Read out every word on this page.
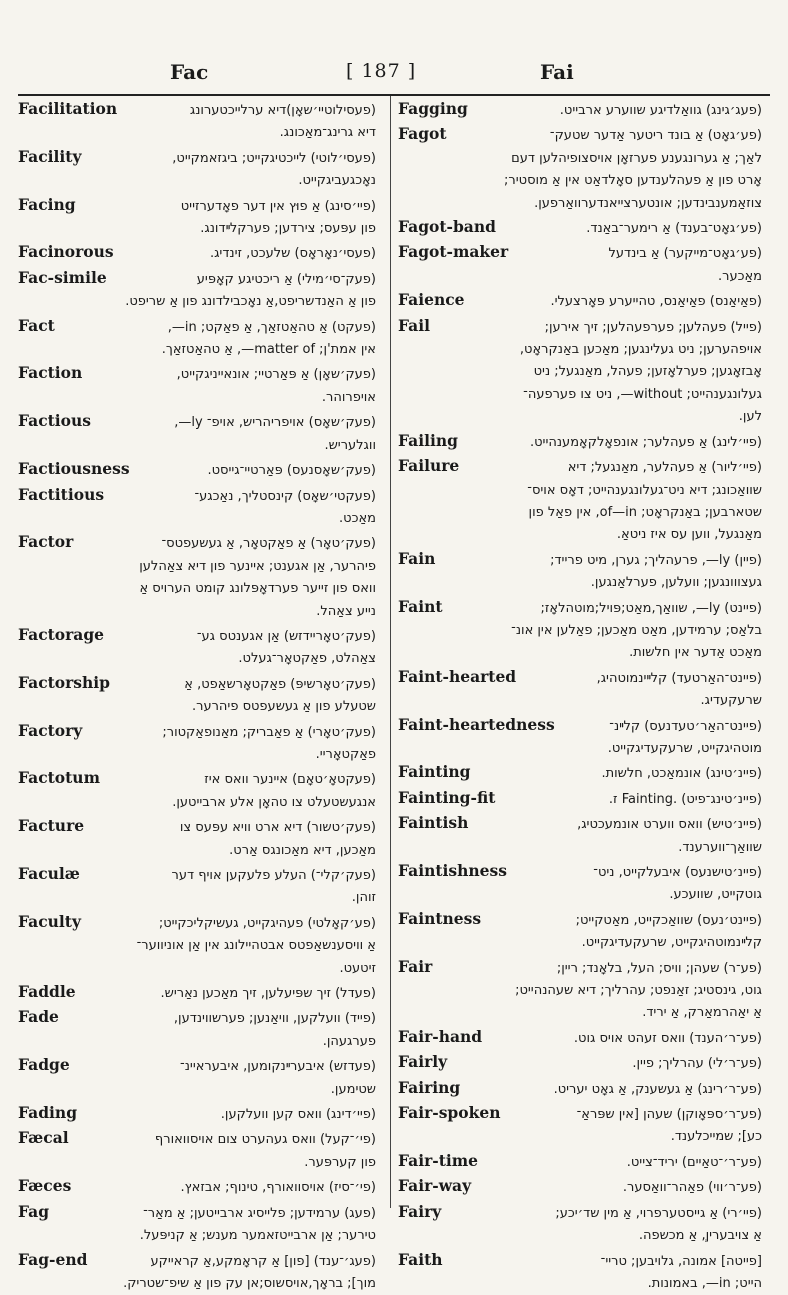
Fac	[ 187 ]	Fai
Facilitation	(פעסילוטיי׳שאָן)דיא ערלייכטערונג
דיא גרינג־מאַכונג.
Facility	(פעסי׳לוטי) לייכטיגקייט; ביגזאמקייט,
נאָכגעביגקייט.
Facing	(פיי׳סינג) אַ פוּץ אין דער פאָדערזייט
פון עפּעס; צירדען; פערקלײדונג.
Facinorous	(פעסי׳נאָראָס) שלעכט, זינדיג.
Fac-simile	(פעק־סי׳מילי) אַ ריכטיגע קאָפּיע
פון אַ האַנדשריפט,אַ נאָכבילדונג פון אַ שריפט.
Fact	(פעקט) אַ טהאַטזאַך, אַ פאַקט; in—,
אין אמת'ן; matter of—, אַ טהאַטזאַך.
Faction	(פעק׳שאָן) אַ פּאַרטיי; אונאייניגקייט,
אויפרוהר.
Factious	(פעק׳שאָס) אויפריהריש, אויפ־ ly—,
ווגלעריש.
Factiousness	(פעק׳שאָסנעס) פּאַרטיי־גייסט.
Factitious	(פעקטי׳שאָס) קינסטליך, נאַכגע־
מאַכט.
Factor	(פעק׳טאָר) אַ פאַקטאָר, אַ געשעפטס־
פיהרער, אַן אגענט; איינער פון דיא צאַהלען
וואס פון זייער פערדאָפּלונג קומט הערויס אַ
נייע צאַהל.
Factorage	(פעק׳טאָריידזש) אַן אגענטס גע־
צאַהלט, פאַקטאָר־געלט.
Factorship	(פעק׳טאָרשיפּ) פאַקטאָרשאַפט, אַ
שטעלע פון אַ געשעפטס פיהרער.
Factory	(פעק׳טאָרי) אַ פאַבריק; מאַנופאַקטור;
פאַקטאָריי.
Factotum	(פעקטאָ׳טאָם) איינער וואס איז
אנגעשטעלט צו טהאָן אלע ארבייטען.
Facture	(פעק׳טשור) דיא ארט וויא עפּעס צו
מאַכען, דיא מאַכונגס אַרט.
Faculæ	(פעק׳קלי־) העלע פלעקען אויף דער
זוהן.
Faculty	(פע׳קאָלטי) פעהיגקייט, געשיקליכקייט;
אַ וויסענשאַפטס אבטהיילונג אין אַן אוניווער־
זיטעט.
Faddle	(פעדל) זיך שפּיעלען, זיך מאַכען נאַריש.
Fade	(פייד) וועלקען, וויאַנען; פערשווינדען,
פערגעהן.
Fadge	(פעדזש) איבערײנקומען, איבעראיינ־
שטימען.
Fading	(פיי׳דינג) וואס קען וועלקען.
Fæcal	(פי׳־קעל) וואס געהערט צום אויסוואורף
פון קערפּער.
Fæces	(פי׳־סיז) אויסוואורף, טינוף; אבזאץ.
Fag	(פעג) ערמידען; פלייסיג ארבייטען; אַ מאַר־
טירער; אַן ארבייטזאמער מענש; אַ קניפּעל.
Fag-end	(פעג׳־ענד) [פון] אַ קראָמקע,אַ קראייקע
מוך]; בראָך,אויסשוס;אן עק פון אַ שיפ־שטריק.
Fagging	(פעג׳גינג) גוואַלדיגע שווערע ארבייט.
Fagot	(פע׳גאָט) אַ בונד ריטער אַדער שטעק־
לאַך; אַ גערונגענע פערזאָן אויסצופיהלען דעם
אָרט פון אַ פעהלענדען סאָלדאַט אין אַ מוסטיר;
צוזאַמענבינדען; אונטערצייאנדערוואַרפען.
Fagot-band	(פע׳גאָט־בענד) אַ רימער־באַנד.
Fagot-maker	(פע׳גאָט־מייקער) אַ בינדעל
מאַכער.
Faience	(פאַיאַנס) פאַיאַנס, טהייערע פּאָרצעלי.
Fail	(פייל) פעהלען; פערפעהלען; זיך אירען;
אויפהערען; ניט געלינגען; מאַכען באַנקראָט,
אָבזאָגען; פערלאָזען; פעהל, מאַנגעל; ניט
געלונגענהייט; without—, ניט צו פערפעה־
לען.
Failing	(פיי׳לינג) אַ פעהלער; אונפאָלקאָמענהייט.
Failure	(פיי׳ליור) אַ פעהלער, מאַנגעל; דיא
שוואַכונג; דיא ניט־געלונגענהייט; דאָס אויס־
שטארבען; באַנקראָט; of—in, אין פאַל פון
מאַנגעל, ווען עס איז ניטאַ.
Fain	(פיין) ly—, פרעהליך; גערן, מיט פרייד;
געצווונגען; וועלען, פערלאַנגען.
Faint	(פיינט) ly—, שוואַך,מאַט;פּויל;מוטהלאָז;
בלאַס; ערמידען, מאַט מאַכען; פאַלען אין אונ־
מאַכט אַדער אין חלשות.
Faint-hearted	(פיינט־האַרטעד) קלײינמוטהיג,
שרעקעדיג.
Faint-heartedness	(פיינט־האַר׳טעדנעס) קלײנ־
מוטהיגקייט, שרעקעדיגקייט.
Fainting	(פיינ׳טינג) אונמאַכט, חלשות.
Fainting-fit	(פיינ׳טינג־פיט) .Fainting ז.
Faintish	(פיינ׳טיש) וואס ווערט אונמעכטיג,
שוואַך־ווערענד.
Faintishness	(פיינ׳טישנעס) איבעלקייט, ניט־
גוטקייט, שוועכע.
Faintness	(פיינט׳נעס) שוואַכקייט, מאַטקייט;
קלײנמוטהיגקייט, שרעקעדיגקייט.
Fair	(פע־ר) שעהן; וויס; העל, בלאָנד; ריין;
גוט, גינסטיג; זאַנפט; עהרליך; דיא שעהנהייט;
אַ יאַהרמאַרק, אַ יריד.
Fair-hand	(פע־ר׳הענד) וואס זעהט אויס גוט.
Fairly	(פע־ר׳לי) עהרליך; פיין.
Fairing	(פע־ר׳רינג) אַ געשענק, אַ גאָט יעריט.
Fair-spoken	(פע־ר׳ספּאָוקן) שעהן [אין שפּראַ־
כע]; שמייכלענד.
Fair-time	(פע־ר׳־טאַיים) יריד־צייט.
Fair-way	(פע־ר׳ווי) פאַהר־וואַסער.
Fairy	(פיי׳רי) אַ גייסטערפרוי, אַ מין שד׳יכע;
אַ צויבעריןְ, אַ מכשפה.
Faith	[פייטה] אמונה, גלויבען; טריי־
הייט; in—, באמונות.
